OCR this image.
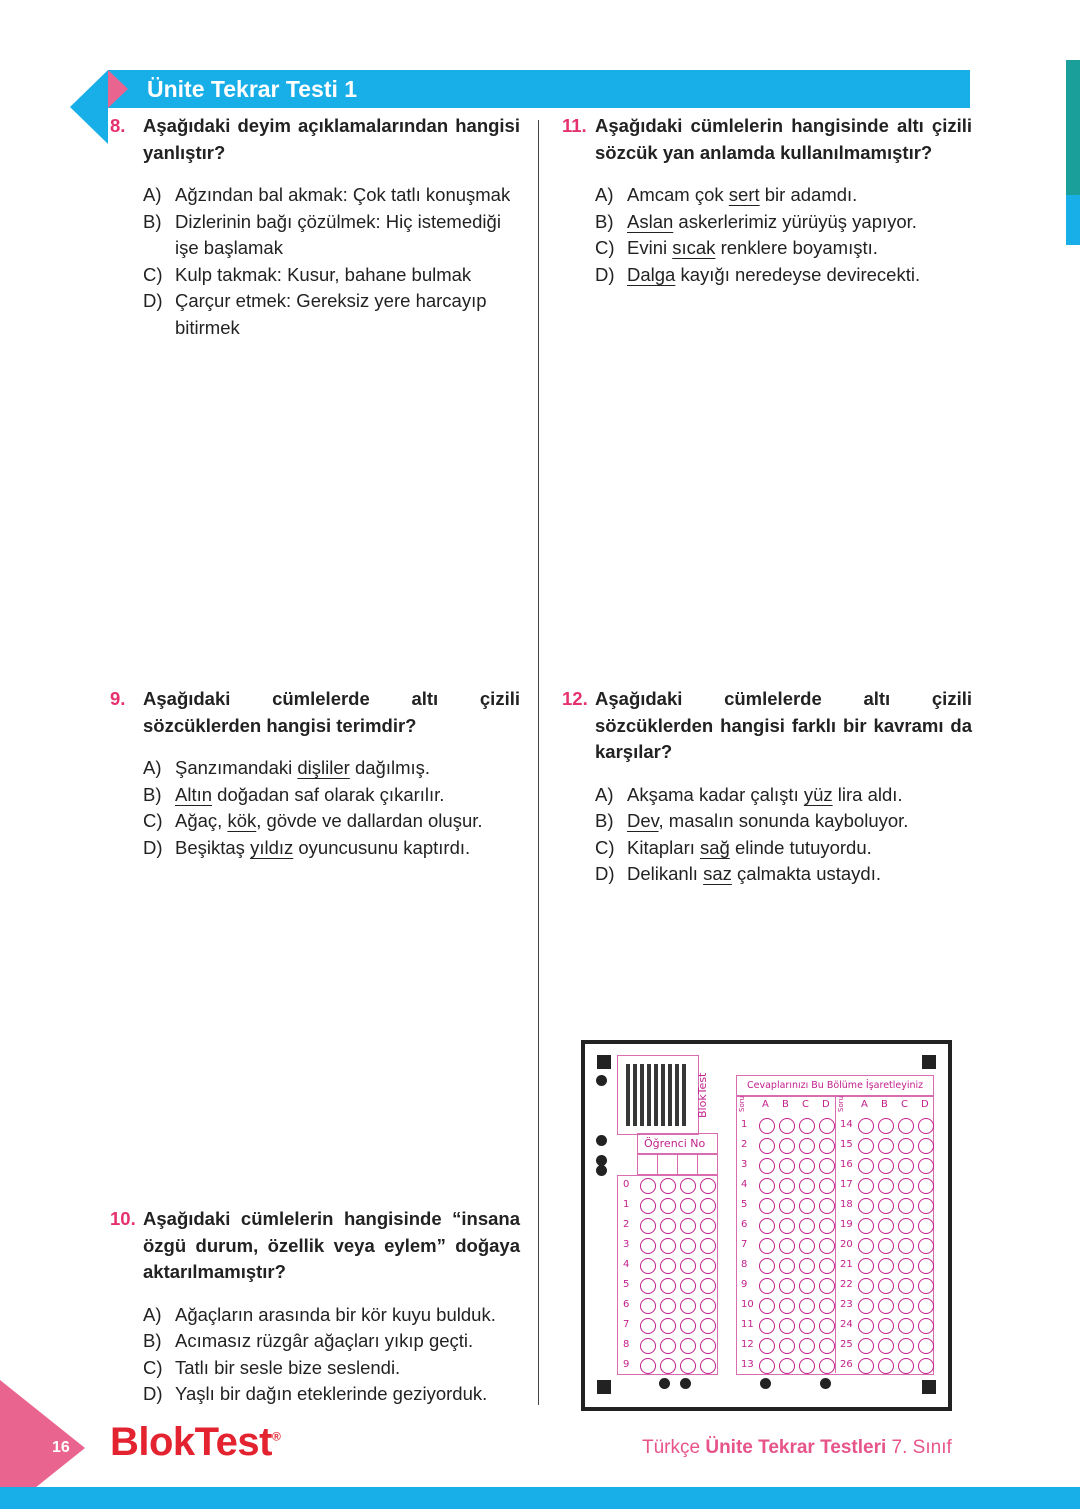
Ünite Tekrar Testi 1
8. Aşağıdaki deyim açıklamalarından hangisi yanlıştır?
A) Ağzından bal akmak: Çok tatlı konuşmak
B) Dizlerinin bağı çözülmek: Hiç istemediği işe başlamak
C) Kulp takmak: Kusur, bahane bulmak
D) Çarçur etmek: Gereksiz yere harcayıp bitirmek
11. Aşağıdaki cümlelerin hangisinde altı çizili sözcük yan anlamda kullanılmamıştır?
A) Amcam çok sert bir adamdı.
B) Aslan askerlerimiz yürüyüş yapıyor.
C) Evini sıcak renklere boyamıştı.
D) Dalga kayığı neredeyse devirecekti.
9. Aşağıdaki cümlelerde altı çizili sözcüklerden hangisi terimdir?
A) Şanzımandaki dişliler dağılmış.
B) Altın doğadan saf olarak çıkarılır.
C) Ağaç, kök, gövde ve dallardan oluşur.
D) Beşiktaş yıldız oyuncusunu kaptırdı.
12. Aşağıdaki cümlelerde altı çizili sözcüklerden hangisi farklı bir kavramı da karşılar?
A) Akşama kadar çalıştı yüz lira aldı.
B) Dev, masalın sonunda kayboluyor.
C) Kitapları sağ elinde tutuyordu.
D) Delikanlı saz çalmakta ustaydı.
10. Aşağıdaki cümlelerin hangisinde “insana özgü durum, özellik veya eylem” doğaya aktarılmamıştır?
A) Ağaçların arasında bir kör kuyu bulduk.
B) Acımasız rüzgâr ağaçları yıkıp geçti.
C) Tatlı bir sesle bize seslendi.
D) Yaşlı bir dağın eteklerinde geziyorduk.
BlokTest
Öğrenci No
0
1
2
3
4
5
6
7
8
9
Cevaplarınızı Bu Bölüme İşaretleyiniz
Soru A B C D
1
2
3
4
5
6
7
8
9
10
11
12
13
Soru A B C D
14
15
16
17
18
19
20
21
22
23
24
25
26
16 BlokTest®
Türkçe Ünite Tekrar Testleri 7. Sınıf
